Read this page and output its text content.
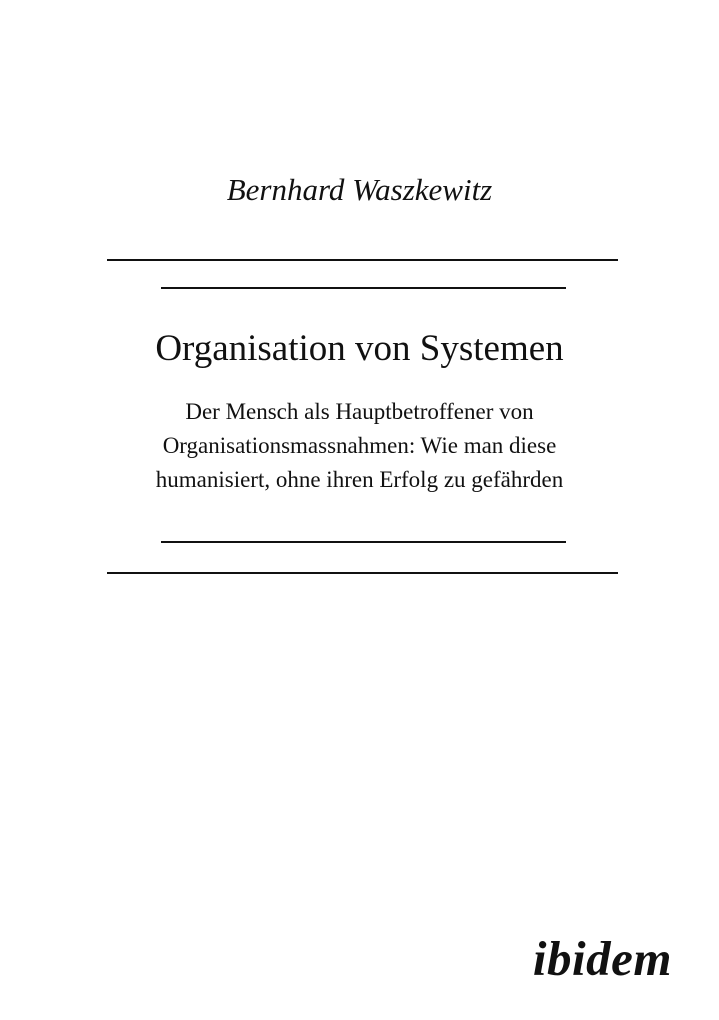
Bernhard Waszkewitz
Organisation von Systemen
Der Mensch als Hauptbetroffener von
Organisationsmassnahmen: Wie man diese
humanisiert, ohne ihren Erfolg zu gefährden
ibidem
